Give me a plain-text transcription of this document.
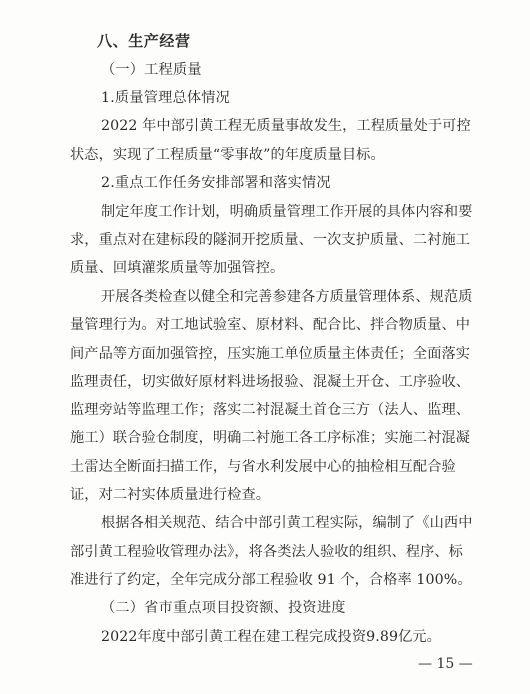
八、生产经营
（一）工程质量
1.质量管理总体情况
2022 年中部引黄工程无质量事故发生，工程质量处于可控
状态，实现了工程质量“零事故”的年度质量目标。
2.重点工作任务安排部署和落实情况
制定年度工作计划，明确质量管理工作开展的具体内容和要
求，重点对在建标段的隧洞开挖质量、一次支护质量、二衬施工
质量、回填灌浆质量等加强管控。
开展各类检查以健全和完善参建各方质量管理体系、规范质
量管理行为。对工地试验室、原材料、配合比、拌合物质量、中
间产品等方面加强管控，压实施工单位质量主体责任；全面落实
监理责任，切实做好原材料进场报验、混凝土开仓、工序验收、
监理旁站等监理工作；落实二衬混凝土首仓三方（法人、监理、
施工）联合验仓制度，明确二衬施工各工序标准；实施二衬混凝
土雷达全断面扫描工作，与省水利发展中心的抽检相互配合验
证，对二衬实体质量进行检查。
根据各相关规范、结合中部引黄工程实际，编制了《山西中
部引黄工程验收管理办法》，将各类法人验收的组织、程序、标
准进行了约定，全年完成分部工程验收 91 个，合格率 100%。
（二）省市重点项目投资额、投资进度
2022年度中部引黄工程在建工程完成投资9.89亿元。
— 15 —
